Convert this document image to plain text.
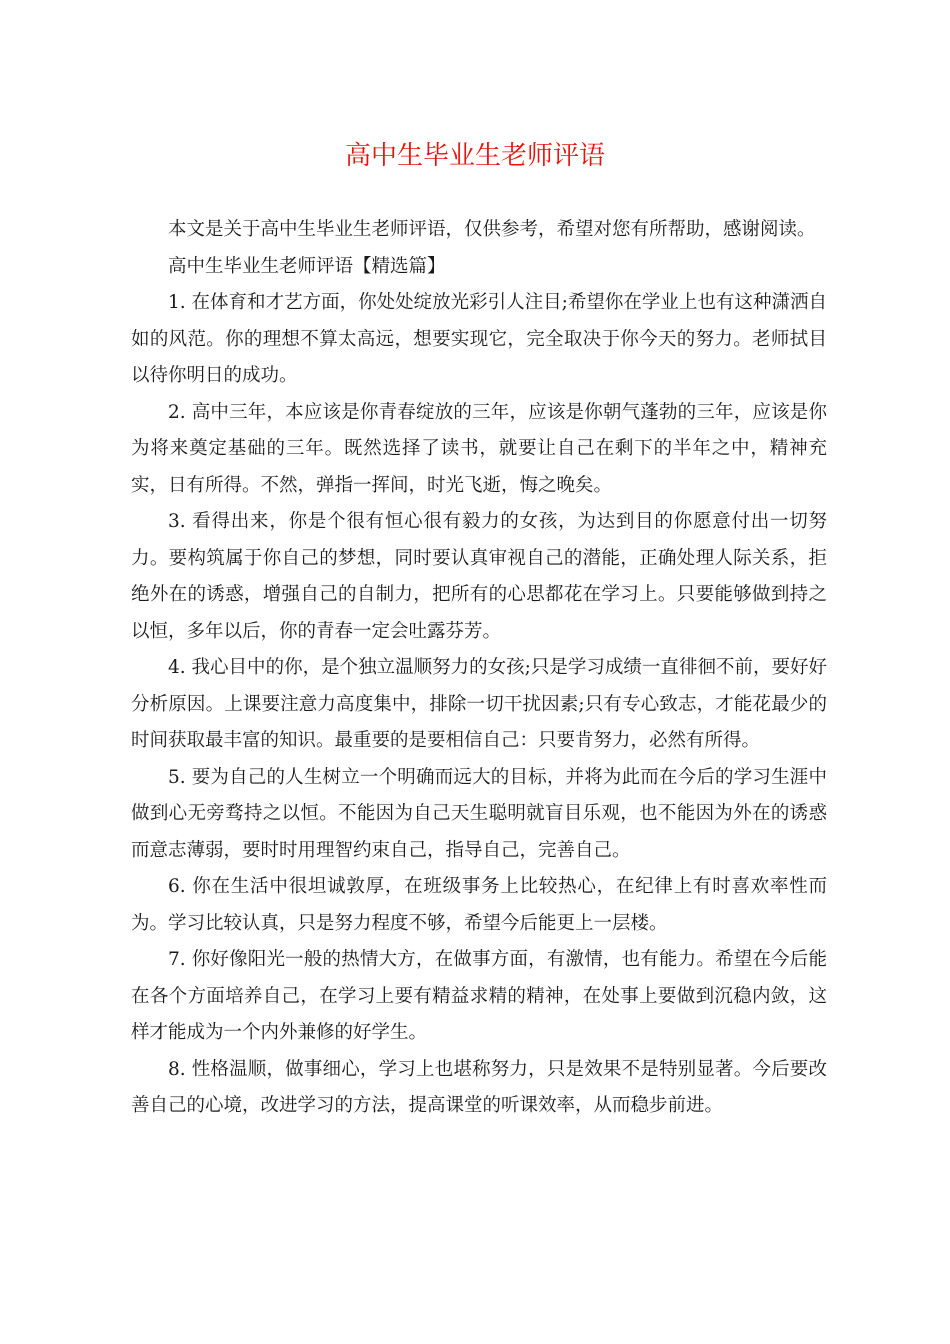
高中生毕业生老师评语

本文是关于高中生毕业生老师评语，仅供参考，希望对您有所帮助，感谢阅读。

高中生毕业生老师评语【精选篇】

1. 在体育和才艺方面，你处处绽放光彩引人注目;希望你在学业上也有这种潇洒自如的风范。你的理想不算太高远，想要实现它，完全取决于你今天的努力。老师拭目以待你明日的成功。

2. 高中三年，本应该是你青春绽放的三年，应该是你朝气蓬勃的三年，应该是你为将来奠定基础的三年。既然选择了读书，就要让自己在剩下的半年之中，精神充实，日有所得。不然，弹指一挥间，时光飞逝，悔之晚矣。

3. 看得出来，你是个很有恒心很有毅力的女孩，为达到目的你愿意付出一切努力。要构筑属于你自己的梦想，同时要认真审视自己的潜能，正确处理人际关系，拒绝外在的诱惑，增强自己的自制力，把所有的心思都花在学习上。只要能够做到持之以恒，多年以后，你的青春一定会吐露芬芳。

4. 我心目中的你，是个独立温顺努力的女孩;只是学习成绩一直徘徊不前，要好好分析原因。上课要注意力高度集中，排除一切干扰因素;只有专心致志，才能花最少的时间获取最丰富的知识。最重要的是要相信自己：只要肯努力，必然有所得。

5. 要为自己的人生树立一个明确而远大的目标，并将为此而在今后的学习生涯中做到心无旁骛持之以恒。不能因为自己天生聪明就盲目乐观，也不能因为外在的诱惑而意志薄弱，要时时用理智约束自己，指导自己，完善自己。

6. 你在生活中很坦诚敦厚，在班级事务上比较热心，在纪律上有时喜欢率性而为。学习比较认真，只是努力程度不够，希望今后能更上一层楼。

7. 你好像阳光一般的热情大方，在做事方面，有激情，也有能力。希望在今后能在各个方面培养自己，在学习上要有精益求精的精神，在处事上要做到沉稳内敛，这样才能成为一个内外兼修的好学生。

8. 性格温顺，做事细心，学习上也堪称努力，只是效果不是特别显著。今后要改善自己的心境，改进学习的方法，提高课堂的听课效率，从而稳步前进。
